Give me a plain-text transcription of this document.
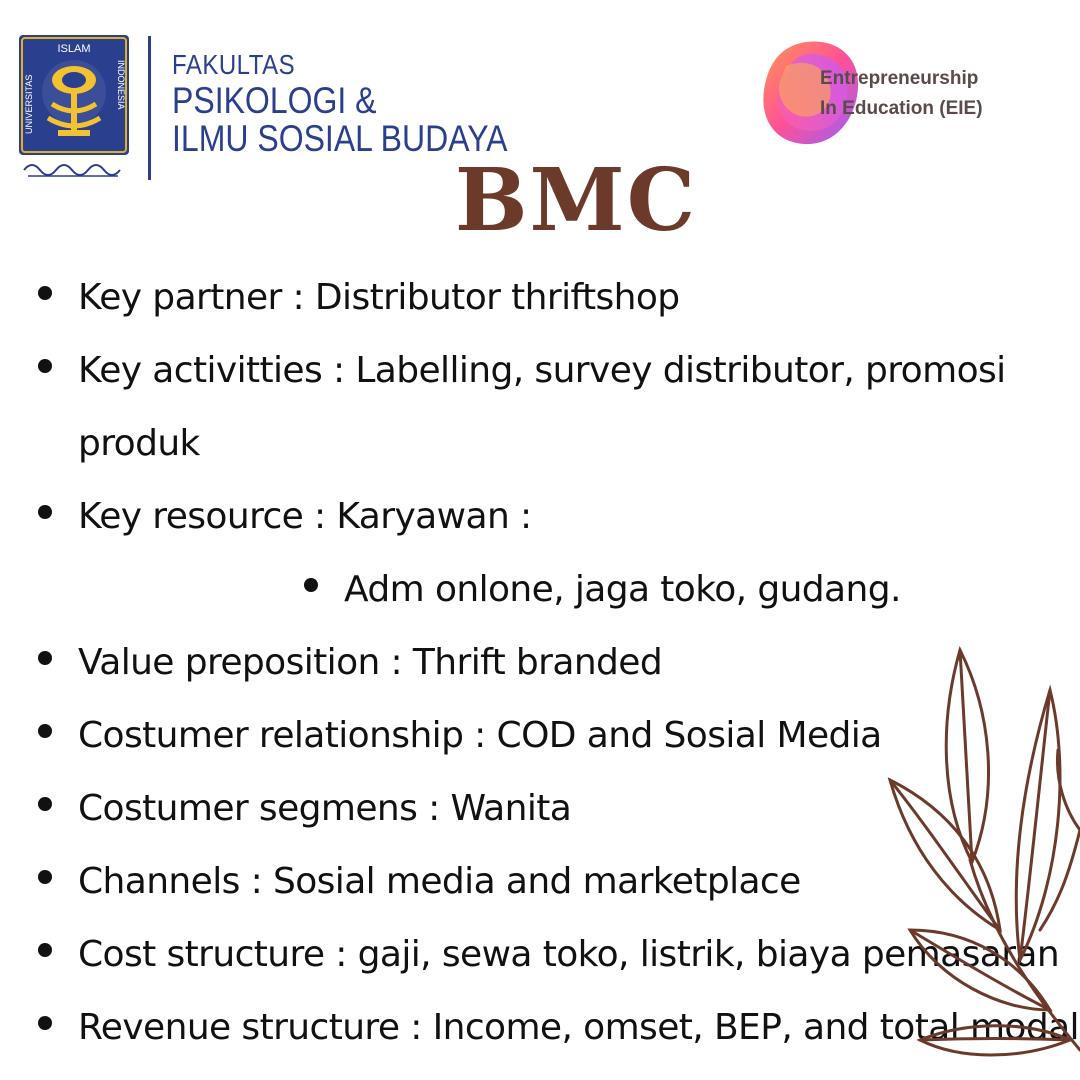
ISLAM
UNIVERSITAS	INDONESIA FAKULTAS
PSIKOLOGI &
ILMU SOSIAL BUDAYA
Entrepreneurship
In Education (EIE)
BMC
Key partner : Distributor thriftshop
Key activitties : Labelling, survey distributor, promosi
produk
Key resource : Karyawan :
Adm onlone, jaga toko, gudang.
Value preposition : Thrift branded
Costumer relationship : COD and Sosial Media
Costumer segmens : Wanita
Channels : Sosial media and marketplace
Cost structure : gaji, sewa toko, listrik, biaya pemasaran
Revenue structure : Income, omset, BEP, and total modal
